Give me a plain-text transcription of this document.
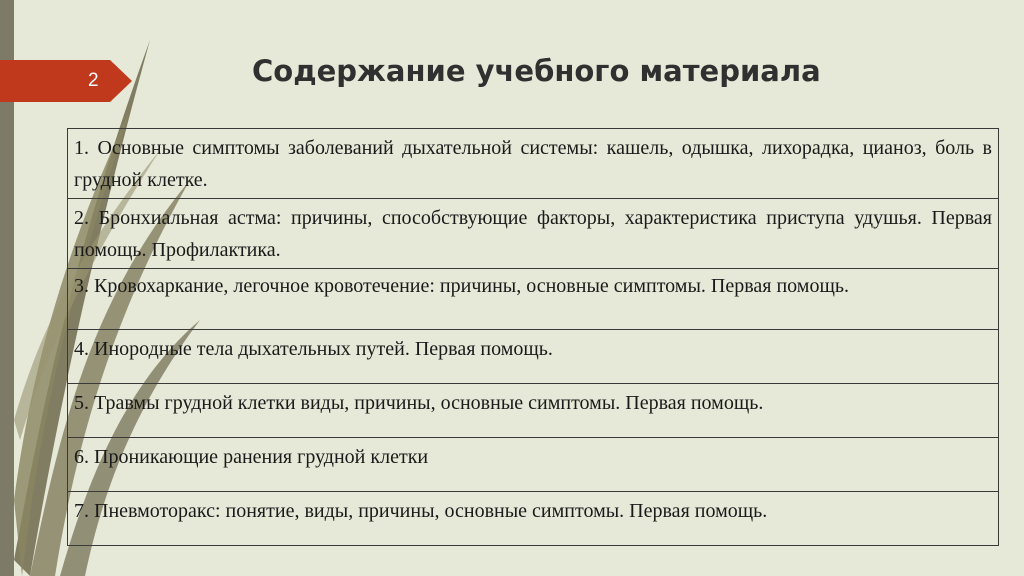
2	Содержание учебного материала
1. Основные симптомы заболеваний дыхательной системы: кашель, одышка, лихорадка, цианоз, боль в грудной клетке.
2. Бронхиальная астма: причины, способствующие факторы, характеристика приступа удушья. Первая помощь. Профилактика.
3. Кровохаркание, легочное кровотечение: причины, основные симптомы. Первая помощь.
4. Инородные тела дыхательных путей. Первая помощь.
5. Травмы грудной клетки виды, причины, основные симптомы. Первая помощь.
6. Проникающие ранения грудной клетки
7. Пневмоторакс: понятие, виды, причины, основные симптомы. Первая помощь.
